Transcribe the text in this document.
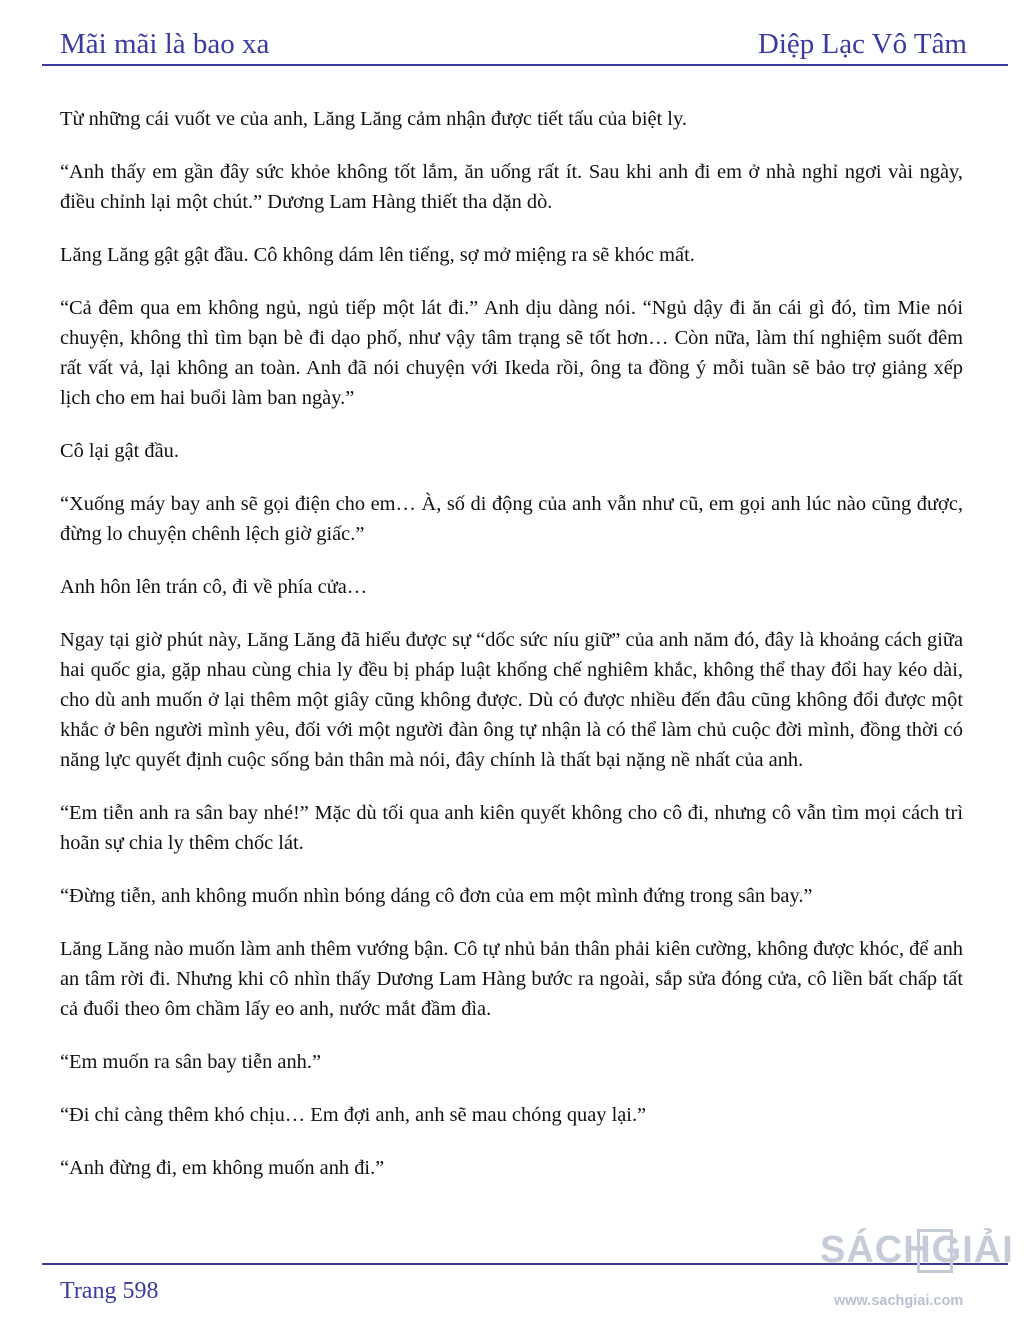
Mãi mãi là bao xa	Diệp Lạc Vô Tâm

Từ những cái vuốt ve của anh, Lăng Lăng cảm nhận được tiết tấu của biệt ly.

“Anh thấy em gần đây sức khỏe không tốt lắm, ăn uống rất ít. Sau khi anh đi em ở nhà nghỉ ngơi vài ngày, điều chỉnh lại một chút.” Dương Lam Hàng thiết tha dặn dò.

Lăng Lăng gật gật đầu. Cô không dám lên tiếng, sợ mở miệng ra sẽ khóc mất.

“Cả đêm qua em không ngủ, ngủ tiếp một lát đi.” Anh dịu dàng nói. “Ngủ dậy đi ăn cái gì đó, tìm Mie nói chuyện, không thì tìm bạn bè đi dạo phố, như vậy tâm trạng sẽ tốt hơn… Còn nữa, làm thí nghiệm suốt đêm rất vất vả, lại không an toàn. Anh đã nói chuyện với Ikeda rồi, ông ta đồng ý mỗi tuần sẽ bảo trợ giảng xếp lịch cho em hai buổi làm ban ngày.”

Cô lại gật đầu.

“Xuống máy bay anh sẽ gọi điện cho em… À, số di động của anh vẫn như cũ, em gọi anh lúc nào cũng được, đừng lo chuyện chênh lệch giờ giấc.”

Anh hôn lên trán cô, đi về phía cửa…

Ngay tại giờ phút này, Lăng Lăng đã hiểu được sự “dốc sức níu giữ” của anh năm đó, đây là khoảng cách giữa hai quốc gia, gặp nhau cùng chia ly đều bị pháp luật khống chế nghiêm khắc, không thể thay đổi hay kéo dài, cho dù anh muốn ở lại thêm một giây cũng không được. Dù có được nhiều đến đâu cũng không đổi được một khắc ở bên người mình yêu, đối với một người đàn ông tự nhận là có thể làm chủ cuộc đời mình, đồng thời có năng lực quyết định cuộc sống bản thân mà nói, đây chính là thất bại nặng nề nhất của anh.

“Em tiễn anh ra sân bay nhé!” Mặc dù tối qua anh kiên quyết không cho cô đi, nhưng cô vẫn tìm mọi cách trì hoãn sự chia ly thêm chốc lát.

“Đừng tiễn, anh không muốn nhìn bóng dáng cô đơn của em một mình đứng trong sân bay.”

Lăng Lăng nào muốn làm anh thêm vướng bận. Cô tự nhủ bản thân phải kiên cường, không được khóc, để anh an tâm rời đi. Nhưng khi cô nhìn thấy Dương Lam Hàng bước ra ngoài, sắp sửa đóng cửa, cô liền bất chấp tất cả đuổi theo ôm chầm lấy eo anh, nước mắt đầm đìa.

“Em muốn ra sân bay tiễn anh.”

“Đi chỉ càng thêm khó chịu… Em đợi anh, anh sẽ mau chóng quay lại.”

“Anh đừng đi, em không muốn anh đi.”

Trang 598
SÁCHGIẢI
www.sachgiai.com
